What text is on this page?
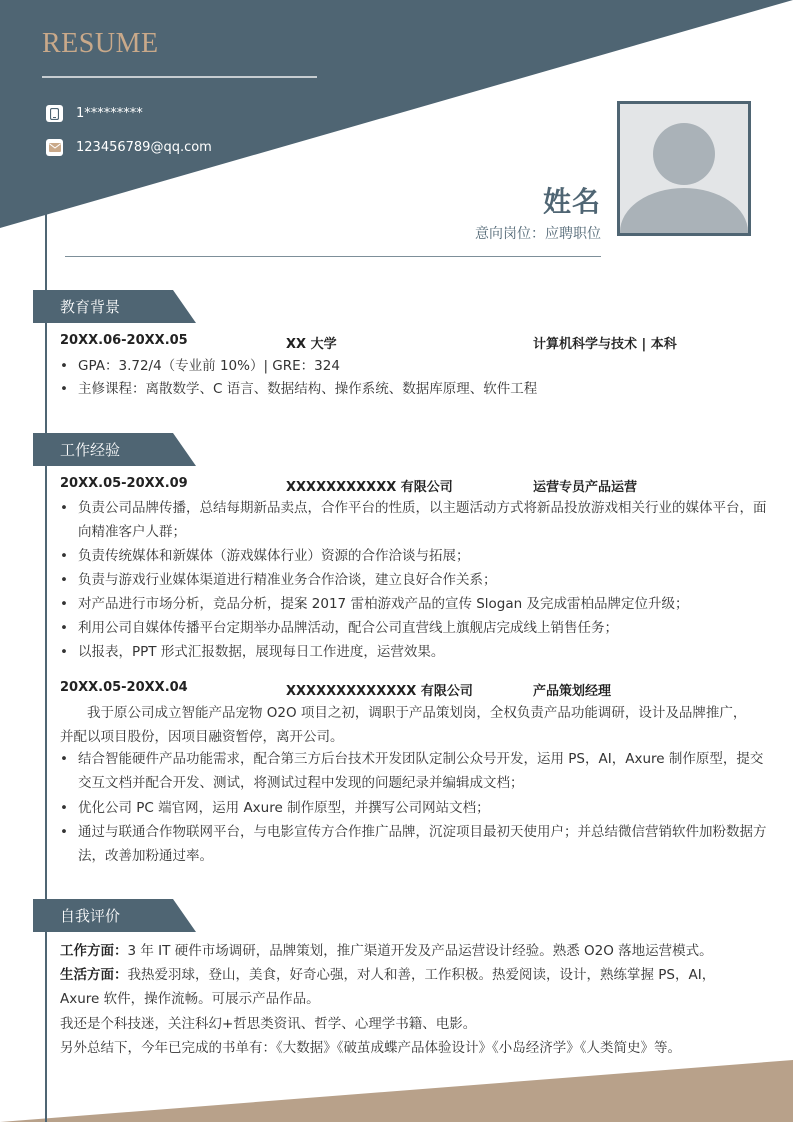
RESUME
1*********
123456789@qq.com
姓名
意向岗位：应聘职位
教育背景
20XX.06-20XX.05	XX 大学	计算机科学与技术 | 本科
• GPA：3.72/4（专业前 10%）| GRE：324
• 主修课程：离散数学、C 语言、数据结构、操作系统、数据库原理、软件工程
工作经验
20XX.05-20XX.09	XXXXXXXXXXX 有限公司	运营专员产品运营
• 负责公司品牌传播，总结每期新品卖点，合作平台的性质，以主题活动方式将新品投放游戏相关行业的媒体平台，面向精准客户人群；
• 负责传统媒体和新媒体（游戏媒体行业）资源的合作洽谈与拓展；
• 负责与游戏行业媒体渠道进行精准业务合作洽谈，建立良好合作关系；
• 对产品进行市场分析，竞品分析，提案 2017 雷柏游戏产品的宣传 Slogan 及完成雷柏品牌定位升级；
• 利用公司自媒体传播平台定期举办品牌活动，配合公司直营线上旗舰店完成线上销售任务；
• 以报表，PPT 形式汇报数据，展现每日工作进度，运营效果。
20XX.05-20XX.04	XXXXXXXXXXXXX 有限公司	产品策划经理
我于原公司成立智能产品宠物 O2O 项目之初，调职于产品策划岗，全权负责产品功能调研，设计及品牌推广，并配以项目股份，因项目融资暂停，离开公司。
• 结合智能硬件产品功能需求，配合第三方后台技术开发团队定制公众号开发，运用 PS，AI，Axure 制作原型，提交交互文档并配合开发、测试，将测试过程中发现的问题纪录并编辑成文档；
• 优化公司 PC 端官网，运用 Axure 制作原型，并撰写公司网站文档；
• 通过与联通合作物联网平台，与电影宣传方合作推广品牌，沉淀项目最初天使用户；并总结微信营销软件加粉数据方法，改善加粉通过率。
自我评价
工作方面：3 年 IT 硬件市场调研，品牌策划，推广渠道开发及产品运营设计经验。熟悉 O2O 落地运营模式。
生活方面：我热爱羽球，登山，美食，好奇心强，对人和善，工作积极。热爱阅读，设计，熟练掌握 PS，AI，Axure 软件，操作流畅。可展示产品作品。
我还是个科技迷，关注科幻+哲思类资讯、哲学、心理学书籍、电影。
另外总结下，今年已完成的书单有：《大数据》《破茧成蝶产品体验设计》《小岛经济学》《人类简史》等。
